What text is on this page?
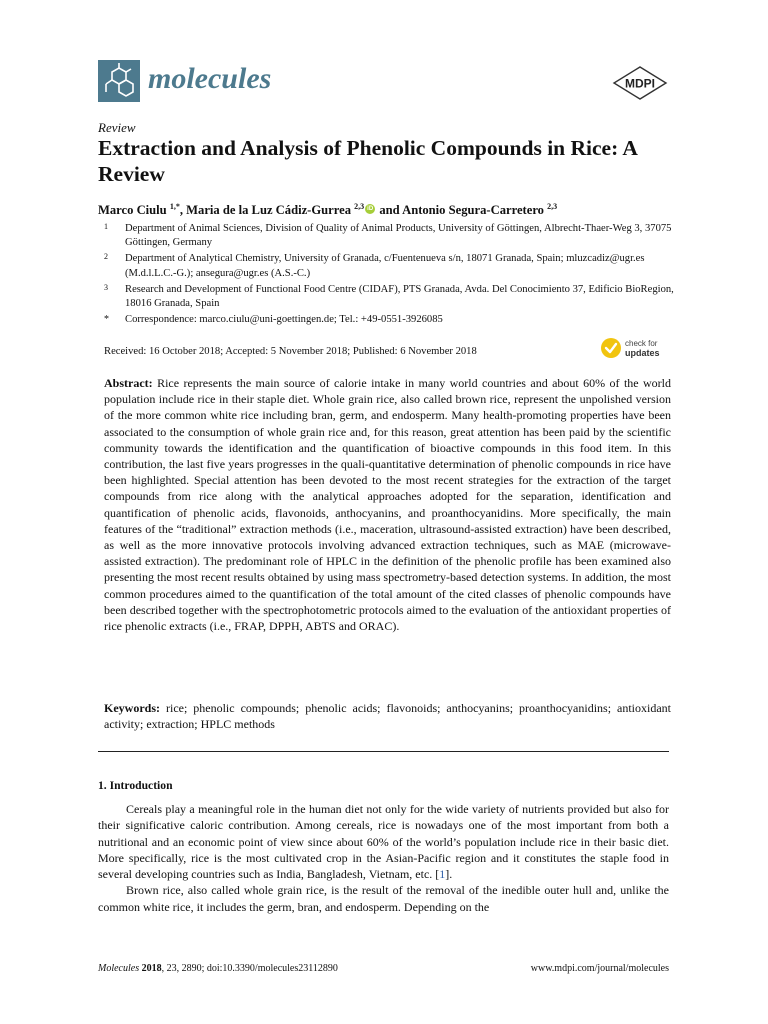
molecules	MDPI
Review
Extraction and Analysis of Phenolic Compounds in Rice: A Review
Marco Ciulu $^{1,*}$, Maria de la Luz Cádiz-Gurrea $^{2,3}$ iD and Antonio Segura-Carretero $^{2,3}$
1 Department of Animal Sciences, Division of Quality of Animal Products, University of Göttingen, Albrecht-Thaer-Weg 3, 37075 Göttingen, Germany
2 Department of Analytical Chemistry, University of Granada, c/Fuentenueva s/n, 18071 Granada, Spain; mluzcadiz@ugr.es (M.d.l.L.C.-G.); ansegura@ugr.es (A.S.-C.)
3 Research and Development of Functional Food Centre (CIDAF), PTS Granada, Avda. Del Conocimiento 37, Edificio BioRegion, 18016 Granada, Spain
* Correspondence: marco.ciulu@uni-goettingen.de; Tel.: +49-0551-3926085
Received: 16 October 2018; Accepted: 5 November 2018; Published: 6 November 2018
check for
updates
Abstract: Rice represents the main source of calorie intake in many world countries and about 60% of the world population include rice in their staple diet. Whole grain rice, also called brown rice, represent the unpolished version of the more common white rice including bran, germ, and endosperm. Many health-promoting properties have been associated to the consumption of whole grain rice and, for this reason, great attention has been paid by the scientific community towards the identification and the quantification of bioactive compounds in this food item. In this contribution, the last five years progresses in the quali-quantitative determination of phenolic compounds in rice have been highlighted. Special attention has been devoted to the most recent strategies for the extraction of the target compounds from rice along with the analytical approaches adopted for the separation, identification and quantification of phenolic acids, flavonoids, anthocyanins, and proanthocyanidins. More specifically, the main features of the “traditional” extraction methods (i.e., maceration, ultrasound-assisted extraction) have been described, as well as the more innovative protocols involving advanced extraction techniques, such as MAE (microwave-assisted extraction). The predominant role of HPLC in the definition of the phenolic profile has been examined also presenting the most recent results obtained by using mass spectrometry-based detection systems. In addition, the most common procedures aimed to the quantification of the total amount of the cited classes of phenolic compounds have been described together with the spectrophotometric protocols aimed to the evaluation of the antioxidant properties of rice phenolic extracts (i.e., FRAP, DPPH, ABTS and ORAC).
Keywords: rice; phenolic compounds; phenolic acids; flavonoids; anthocyanins; proanthocyanidins; antioxidant activity; extraction; HPLC methods
1. Introduction

Cereals play a meaningful role in the human diet not only for the wide variety of nutrients provided but also for their significative caloric contribution. Among cereals, rice is nowadays one of the most important from both a nutritional and an economic point of view since about 60% of the world’s population include rice in their basic diet. More specifically, rice is the most cultivated crop in the Asian-Pacific region and it constitutes the staple food in several developing countries such as India, Bangladesh, Vietnam, etc. [1].

Brown rice, also called whole grain rice, is the result of the removal of the inedible outer hull and, unlike the common white rice, it includes the germ, bran, and endosperm. Depending on the

Molecules 2018, 23, 2890; doi:10.3390/molecules23112890	www.mdpi.com/journal/molecules
